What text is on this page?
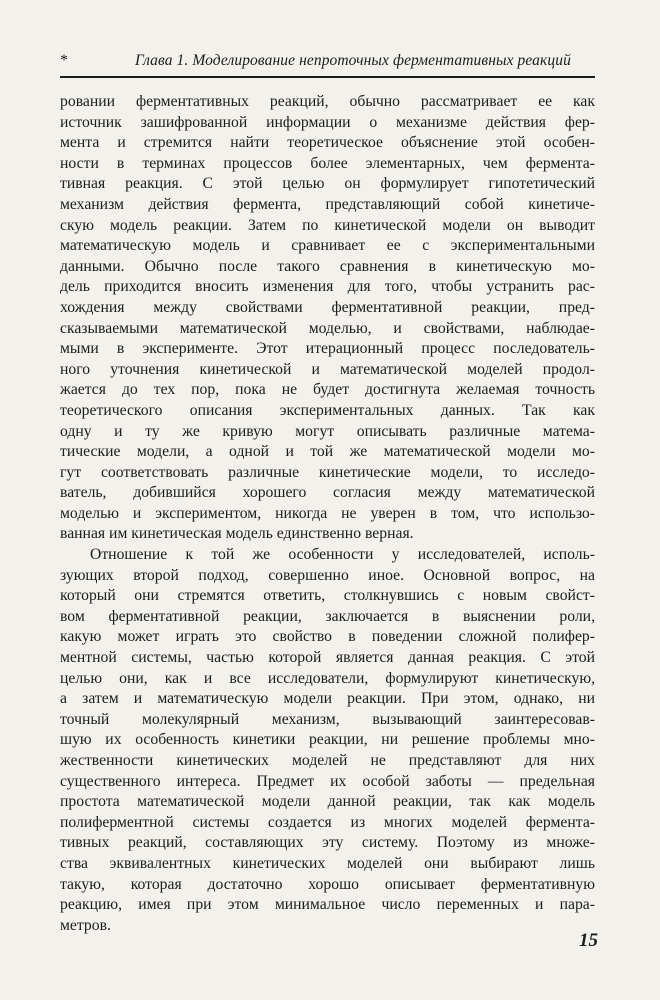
*	Глава 1. Моделирование непроточных ферментативных реакций

ровании ферментативных реакций, обычно рассматривает ее как
источник зашифрованной информации о механизме действия фер-
мента и стремится найти теоретическое объяснение этой особен-
ности в терминах процессов более элементарных, чем фермента-
тивная реакция. С этой целью он формулирует гипотетический
механизм действия фермента, представляющий собой кинетиче-
скую модель реакции. Затем по кинетической модели он выводит
математическую модель и сравнивает ее с экспериментальными
данными. Обычно после такого сравнения в кинетическую мо-
дель приходится вносить изменения для того, чтобы устранить рас-
хождения между свойствами ферментативной реакции, пред-
сказываемыми математической моделью, и свойствами, наблюдае-
мыми в эксперименте. Этот итерационный процесс последователь-
ного уточнения кинетической и математической моделей продол-
жается до тех пор, пока не будет достигнута желаемая точность
теоретического описания экспериментальных данных. Так как
одну и ту же кривую могут описывать различные матема-
тические модели, а одной и той же математической модели мо-
гут соответствовать различные кинетические модели, то исследо-
ватель, добившийся хорошего согласия между математической
моделью и экспериментом, никогда не уверен в том, что использо-
ванная им кинетическая модель единственно верная.

Отношение к той же особенности у исследователей, исполь-
зующих второй подход, совершенно иное. Основной вопрос, на
который они стремятся ответить, столкнувшись с новым свойст-
вом ферментативной реакции, заключается в выяснении роли,
какую может играть это свойство в поведении сложной полифер-
ментной системы, частью которой является данная реакция. С этой
целью они, как и все исследователи, формулируют кинетическую,
а затем и математическую модели реакции. При этом, однако, ни
точный молекулярный механизм, вызывающий заинтересовав-
шую их особенность кинетики реакции, ни решение проблемы мно-
жественности кинетических моделей не представляют для них
существенного интереса. Предмет их особой заботы — предельная
простота математической модели данной реакции, так как модель
полиферментной системы создается из многих моделей фермента-
тивных реакций, составляющих эту систему. Поэтому из множе-
ства эквивалентных кинетических моделей они выбирают лишь
такую, которая достаточно хорошо описывает ферментативную
реакцию, имея при этом минимальное число переменных и пара-
метров.

15
